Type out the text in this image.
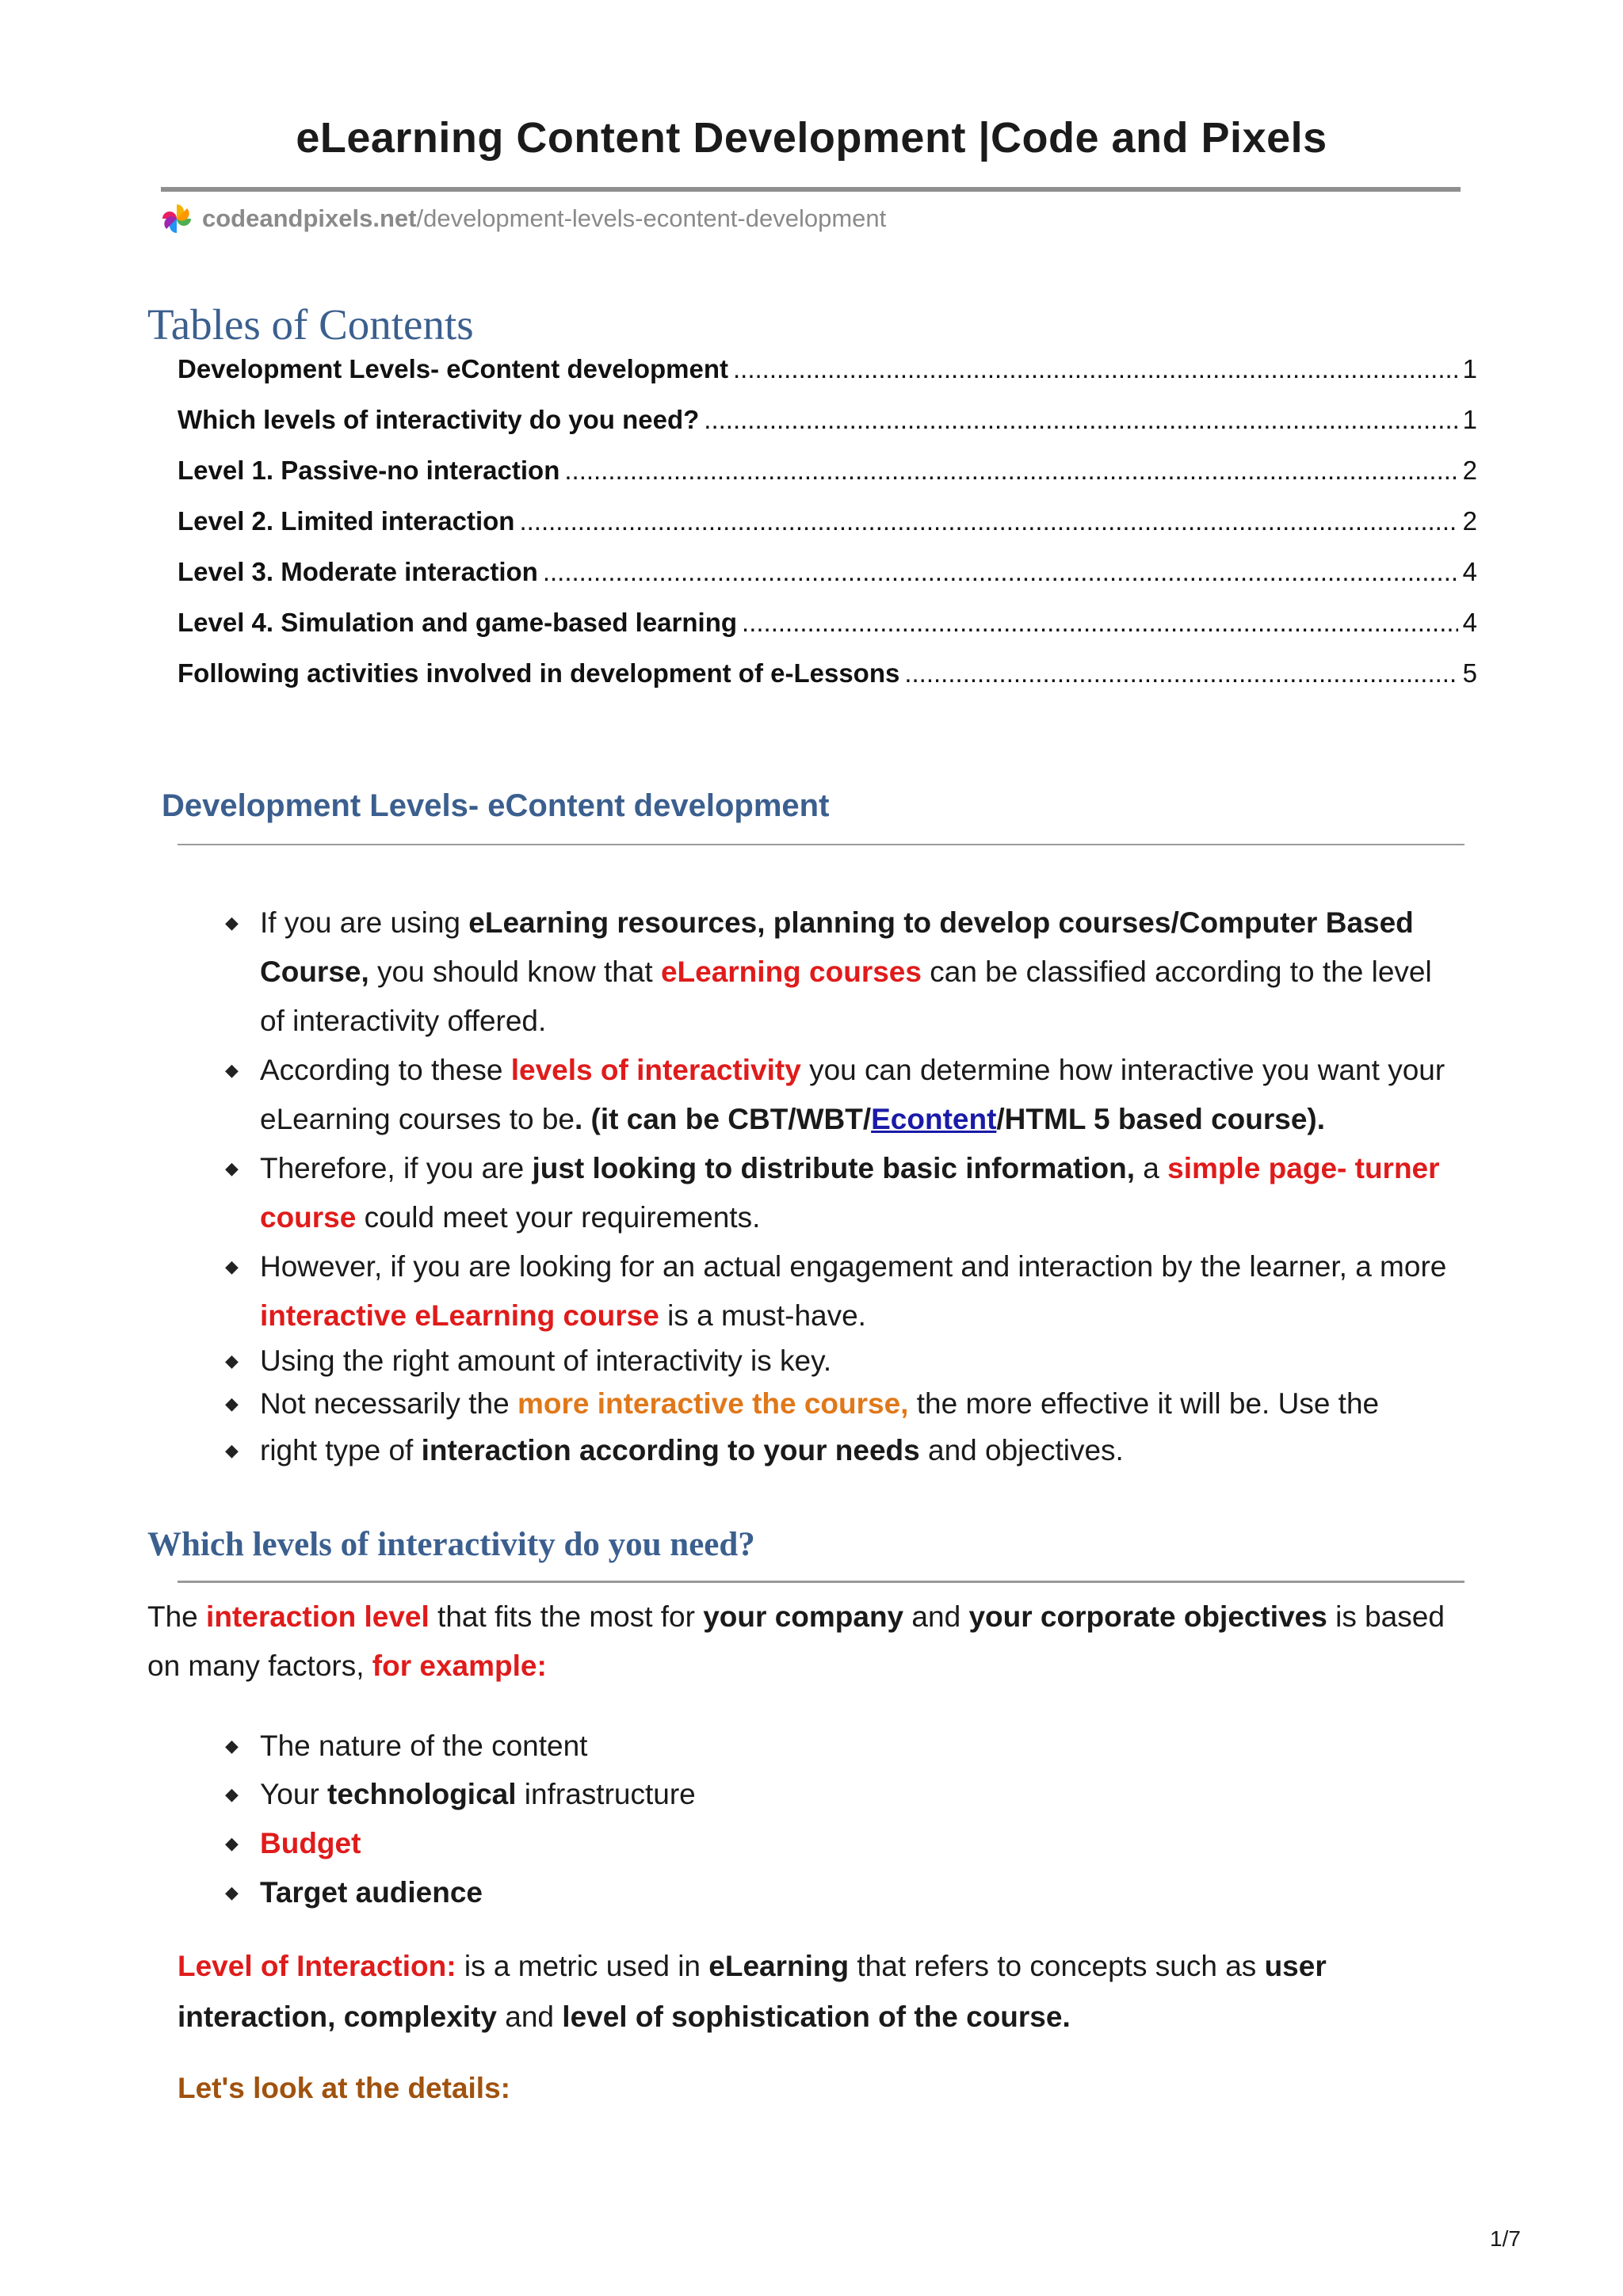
eLearning Content Development |Code and Pixels
codeandpixels.net /development-levels-econtent-development
Tables of Contents
Development Levels- eContent development .....	1
Which levels of interactivity do you need? .....	1
Level 1. Passive-no interaction .....	2
Level 2. Limited interaction .....	2
Level 3. Moderate interaction .....	4
Level 4. Simulation and game-based learning .....	4
Following activities involved in development of e-Lessons .....	5
Development Levels- eContent development
◆ If you are using eLearning resources, planning to develop courses/Computer Based Course, you should know that eLearning courses can be classified according to the level of interactivity offered.
◆ According to these levels of interactivity you can determine how interactive you want your eLearning courses to be. (it can be CBT/WBT/Econtent/HTML 5 based course).
◆ Therefore, if you are just looking to distribute basic information, a simple page- turner course could meet your requirements.
◆ However, if you are looking for an actual engagement and interaction by the learner, a more interactive eLearning course is a must-have.
◆ Using the right amount of interactivity is key.
◆ Not necessarily the more interactive the course, the more effective it will be. Use the
◆ right type of interaction according to your needs and objectives.
Which levels of interactivity do you need?
The interaction level that fits the most for your company and your corporate objectives is based on many factors, for example:
◆ The nature of the content
◆ Your technological infrastructure
◆ Budget
◆ Target audience
Level of Interaction: is a metric used in eLearning that refers to concepts such as user interaction, complexity and level of sophistication of the course.
Let's look at the details:
1/7
